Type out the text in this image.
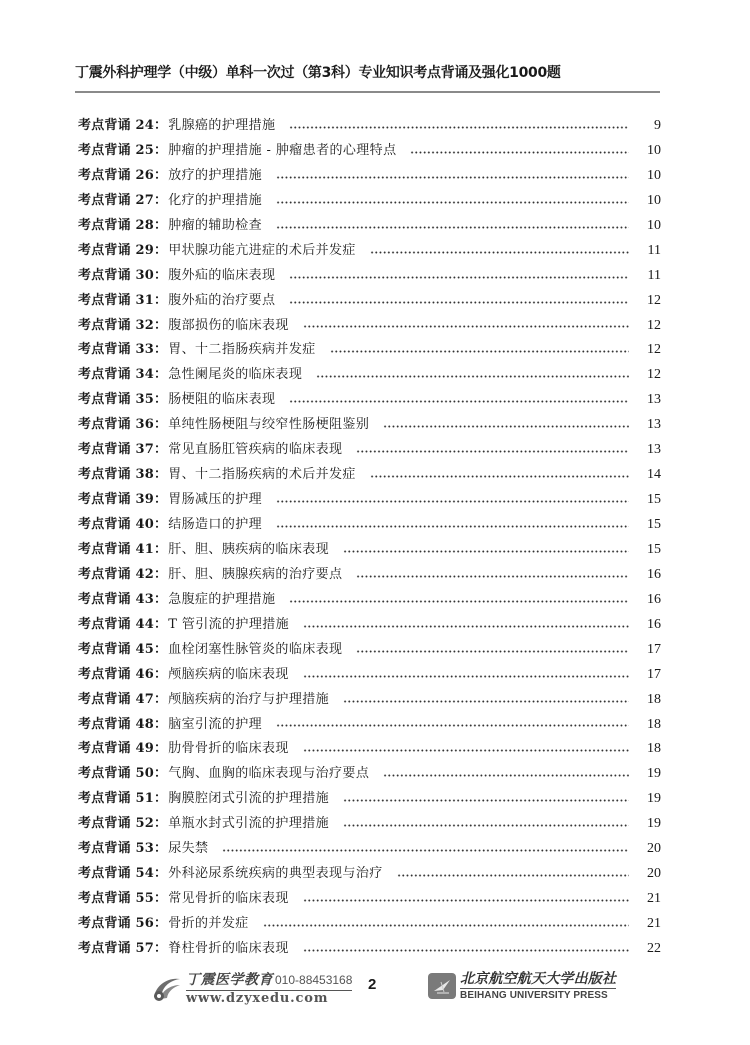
丁震外科护理学（中级）单科一次过（第3科）专业知识考点背诵及强化1000题
考点背诵 24： 乳腺癌的护理措施	9
考点背诵 25： 肿瘤的护理措施 - 肿瘤患者的心理特点	10
考点背诵 26： 放疗的护理措施	10
考点背诵 27： 化疗的护理措施	10
考点背诵 28： 肿瘤的辅助检查	10
考点背诵 29： 甲状腺功能亢进症的术后并发症	11
考点背诵 30： 腹外疝的临床表现	11
考点背诵 31： 腹外疝的治疗要点	12
考点背诵 32： 腹部损伤的临床表现	12
考点背诵 33： 胃、十二指肠疾病并发症	12
考点背诵 34： 急性阑尾炎的临床表现	12
考点背诵 35： 肠梗阻的临床表现	13
考点背诵 36： 单纯性肠梗阻与绞窄性肠梗阻鉴别	13
考点背诵 37： 常见直肠肛管疾病的临床表现	13
考点背诵 38： 胃、十二指肠疾病的术后并发症	14
考点背诵 39： 胃肠减压的护理	15
考点背诵 40： 结肠造口的护理	15
考点背诵 41： 肝、胆、胰疾病的临床表现	15
考点背诵 42： 肝、胆、胰腺疾病的治疗要点	16
考点背诵 43： 急腹症的护理措施	16
考点背诵 44： T 管引流的护理措施	16
考点背诵 45： 血栓闭塞性脉管炎的临床表现	17
考点背诵 46： 颅脑疾病的临床表现	17
考点背诵 47： 颅脑疾病的治疗与护理措施	18
考点背诵 48： 脑室引流的护理	18
考点背诵 49： 肋骨骨折的临床表现	18
考点背诵 50： 气胸、血胸的临床表现与治疗要点	19
考点背诵 51： 胸膜腔闭式引流的护理措施	19
考点背诵 52： 单瓶水封式引流的护理措施	19
考点背诵 53： 尿失禁	20
考点背诵 54： 外科泌尿系统疾病的典型表现与治疗	20
考点背诵 55： 常见骨折的临床表现	21
考点背诵 56： 骨折的并发症	21
考点背诵 57： 脊柱骨折的临床表现	22
丁震医学教育 010-88453168
www.dzyxedu.com
2	北京航空航天大学出版社
BEIHANG UNIVERSITY PRESS
